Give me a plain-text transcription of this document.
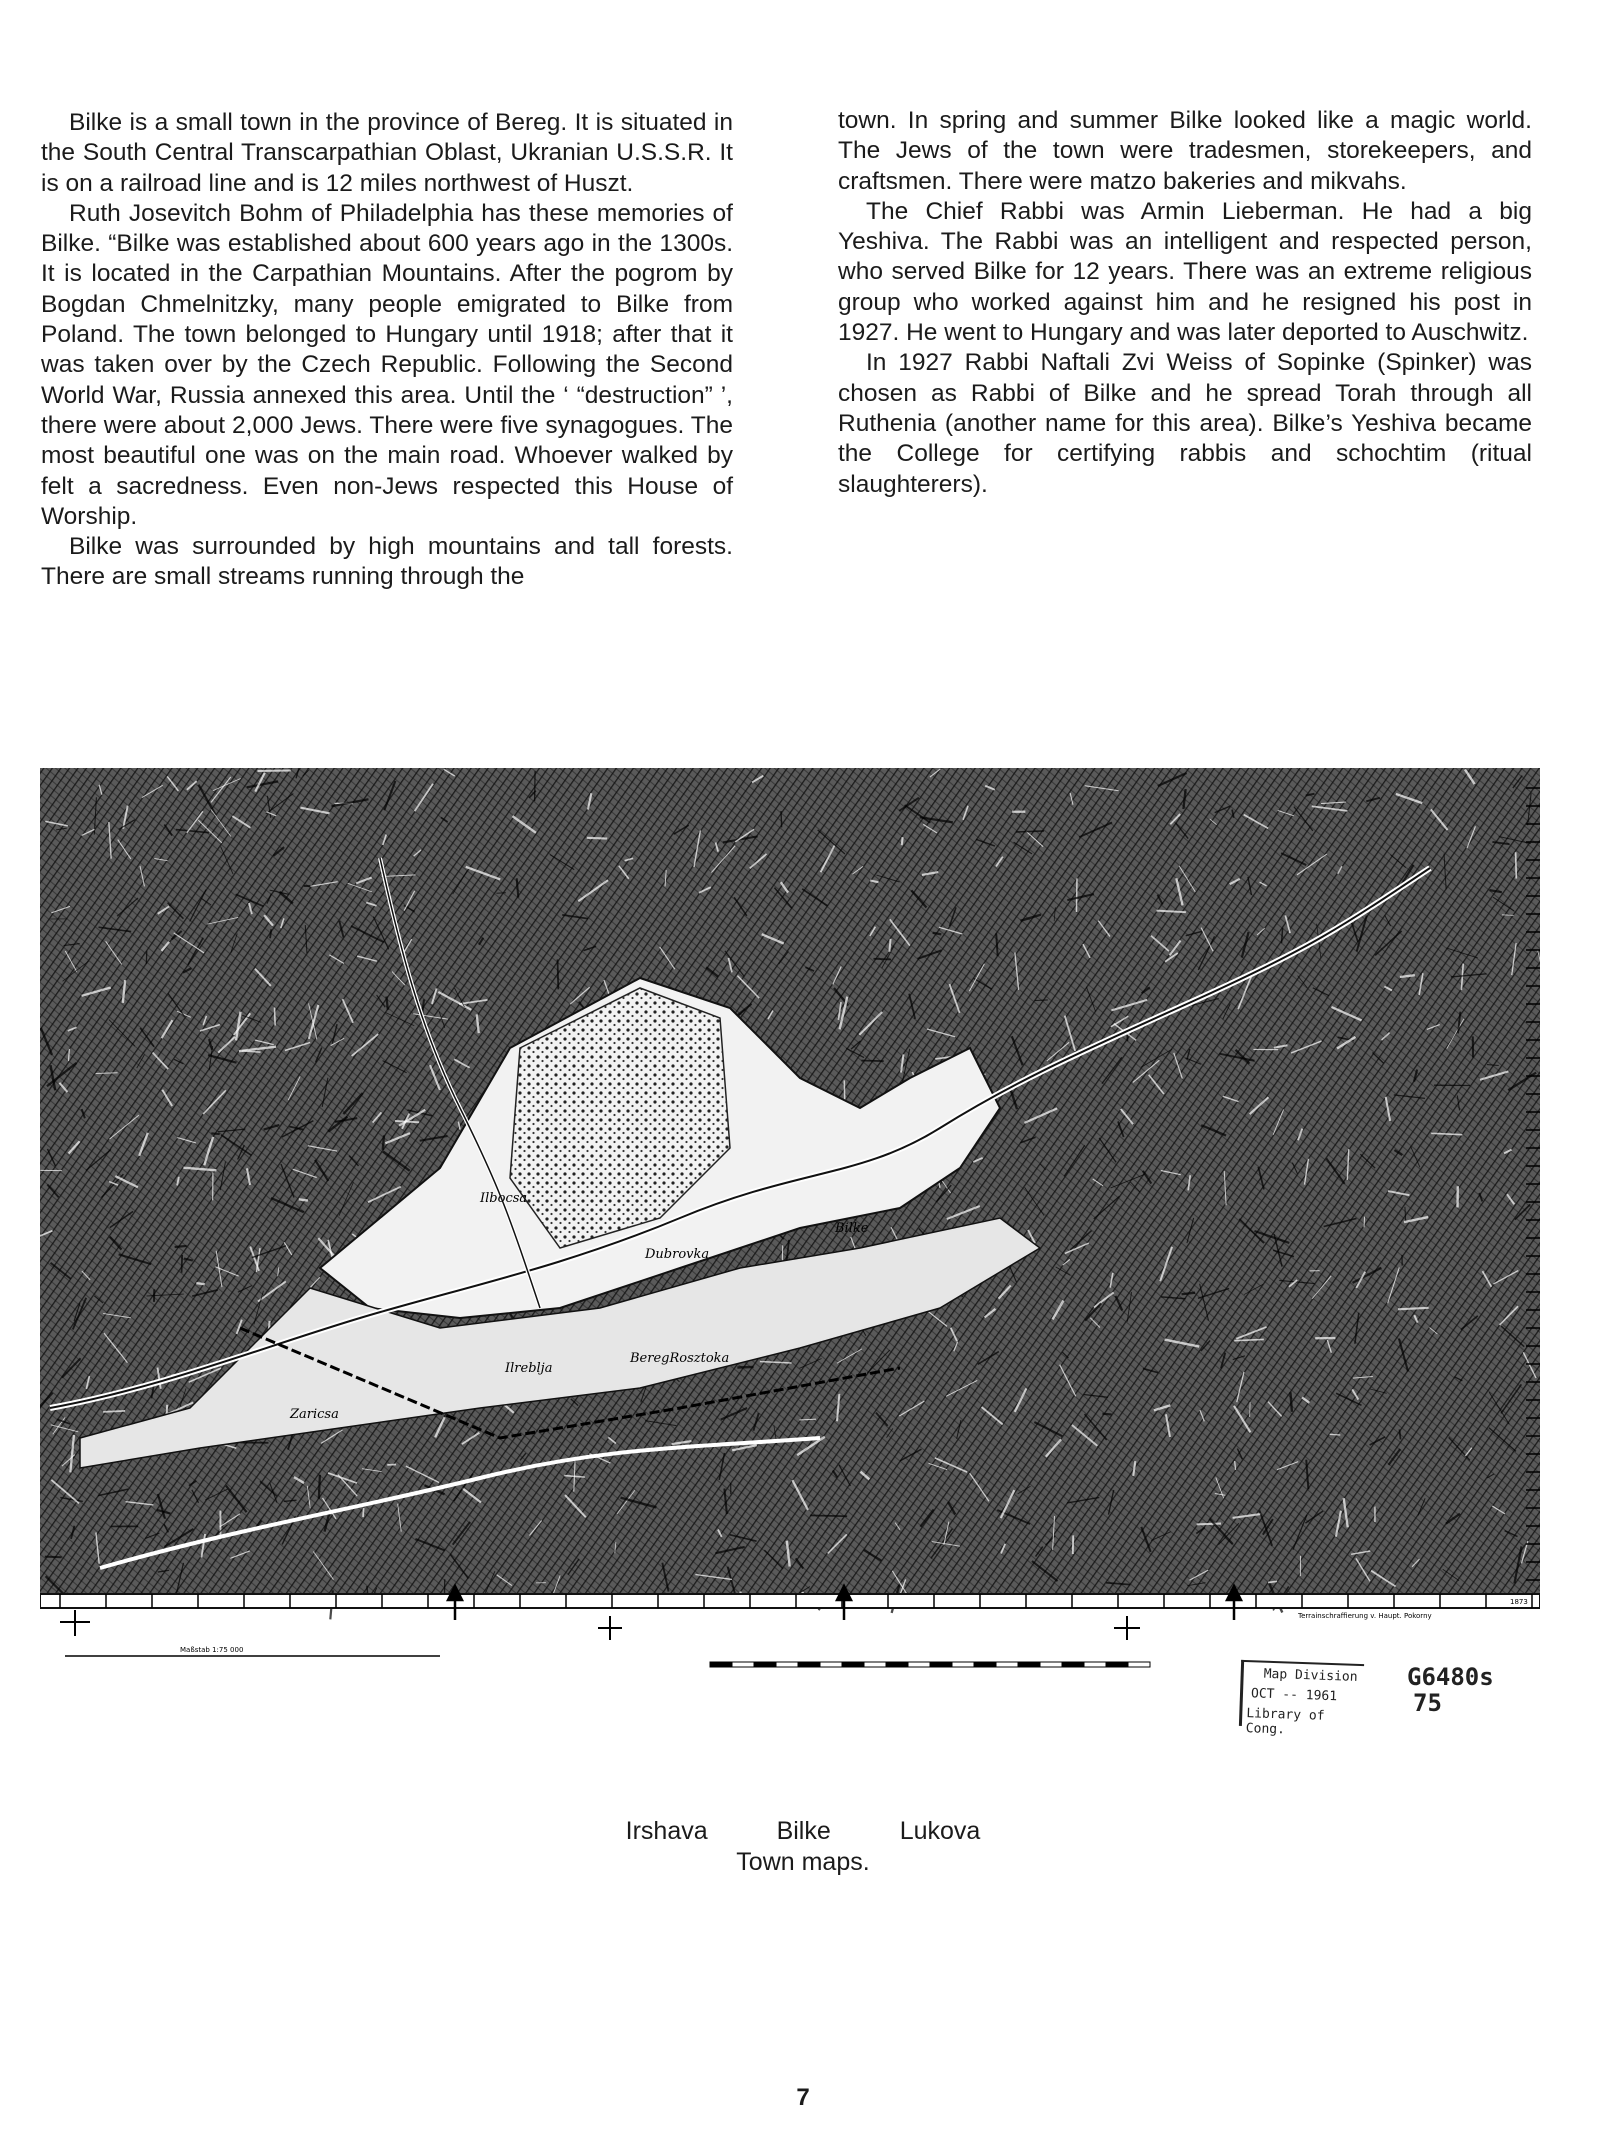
Bilke is a small town in the province of Bereg. It is situated in the South Central Transcarpathian Oblast, Ukranian U.S.S.R. It is on a railroad line and is 12 miles northwest of Huszt.

Ruth Josevitch Bohm of Philadelphia has these memories of Bilke. “Bilke was established about 600 years ago in the 1300s. It is located in the Carpathian Mountains. After the pogrom by Bogdan Chmelnitzky, many people emigrated to Bilke from Poland. The town belonged to Hungary until 1918; after that it was taken over by the Czech Republic. Following the Second World War, Russia annexed this area. Until the ‘ “destruction” ’, there were about 2,000 Jews. There were five synagogues. The most beautiful one was on the main road. Whoever walked by felt a sacredness. Even non-Jews respected this House of Worship.

Bilke was surrounded by high mountains and tall forests. There are small streams running through the

town. In spring and summer Bilke looked like a magic world. The Jews of the town were tradesmen, storekeepers, and craftsmen. There were matzo bakeries and mikvahs.

The Chief Rabbi was Armin Lieberman. He had a big Yeshiva. The Rabbi was an intelligent and respected person, who served Bilke for 12 years. There was an extreme religious group who worked against him and he resigned his post in 1927. He went to Hungary and was later deported to Auschwitz.

In 1927 Rabbi Naftali Zvi Weiss of Sopinke (Spinker) was chosen as Rabbi of Bilke and he spread Torah through all Ruthenia (another name for this area). Bilke’s Yeshiva became the College for certifying rabbis and schochtim (ritual slaughterers).

Bilke
Dubrovka
BeregRosztoka
Zaricsa
Ilreblja
Ilbocsa
Terrainschraffierung v. Haupt. Pokorny
1873
Maßstab 1:75 000
Map Division
OCT -- 1961
Library of Cong.
G6480s
75
Irshava	Bilke	Lukova
Town maps.
7
